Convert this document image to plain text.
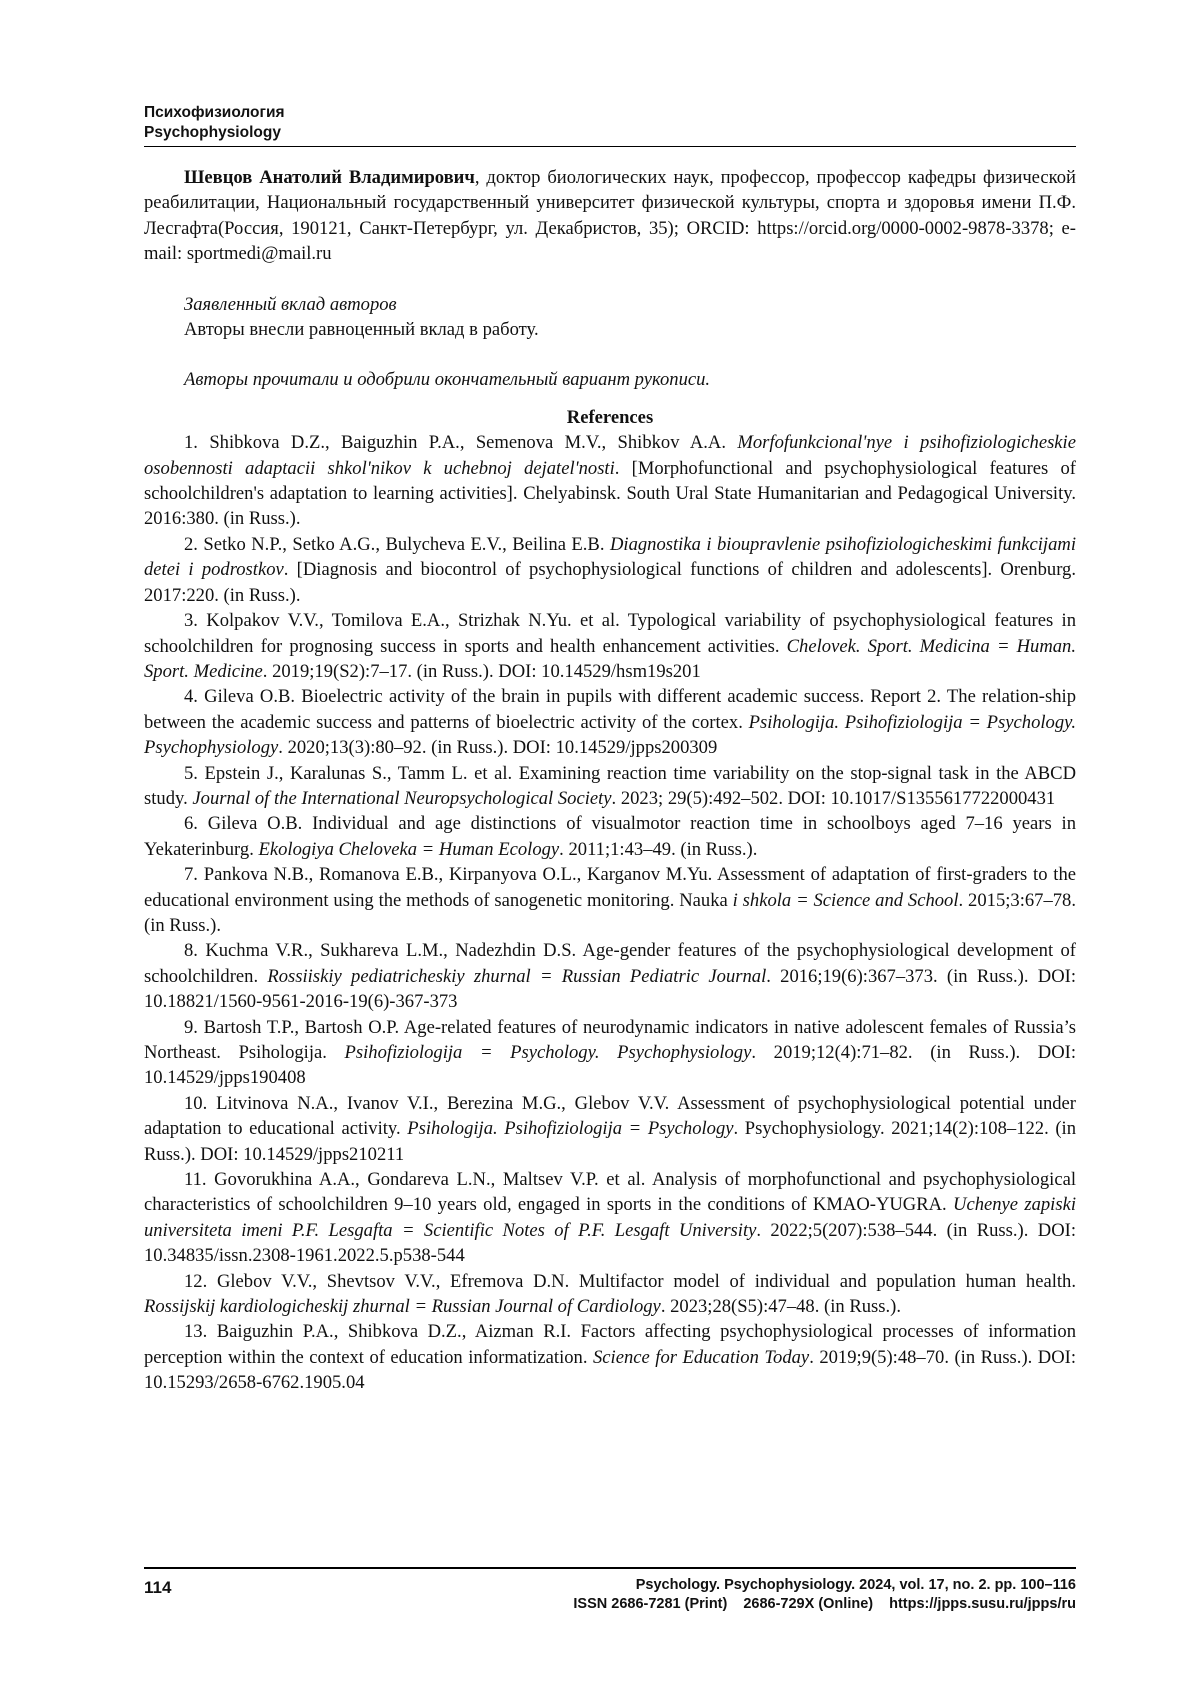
Психофизиология
Psychophysiology

Шевцов Анатолий Владимирович, доктор биологических наук, профессор, профессор кафедры физической реабилитации, Национальный государственный университет физической культуры, спорта и здоровья имени П.Ф. Лесгафта(Россия, 190121, Санкт-Петербург, ул. Декабристов, 35); ORCID: https://orcid.org/0000-0002-9878-3378; e-mail: sportmedi@mail.ru

Заявленный вклад авторов

Авторы внесли равноценный вклад в работу.

Авторы прочитали и одобрили окончательный вариант рукописи.

References

1. Shibkova D.Z., Baiguzhin P.A., Semenova M.V., Shibkov A.A. Morfofunkcional'nye i psihofiziologicheskie osobennosti adaptacii shkol'nikov k uchebnoj dejatel'nosti. [Morphofunctional and psychophysiological features of schoolchildren's adaptation to learning activities]. Chelyabinsk. South Ural State Humanitarian and Pedagogical University. 2016:380. (in Russ.).

2. Setko N.P., Setko A.G., Bulycheva E.V., Beilina E.B. Diagnostika i bioupravlenie psihofiziologicheskimi funkcijami detei i podrostkov. [Diagnosis and biocontrol of psychophysiological functions of children and adolescents]. Orenburg. 2017:220. (in Russ.).

3. Kolpakov V.V., Tomilova E.A., Strizhak N.Yu. et al. Typological variability of psychophysiological features in schoolchildren for prognosing success in sports and health enhancement activities. Chelovek. Sport. Medicina = Human. Sport. Medicine. 2019;19(S2):7–17. (in Russ.). DOI: 10.14529/hsm19s201

4. Gileva O.B. Bioelectric activity of the brain in pupils with different academic success. Report 2. The relation-ship between the academic success and patterns of bioelectric activity of the cortex. Psihologija. Psihofiziologija = Psychology. Psychophysiology. 2020;13(3):80–92. (in Russ.). DOI: 10.14529/jpps200309

5. Epstein J., Karalunas S., Tamm L. et al. Examining reaction time variability on the stop-signal task in the ABCD study. Journal of the International Neuropsychological Society. 2023; 29(5):492–502. DOI: 10.1017/S1355617722000431

6. Gileva O.B. Individual and age distinctions of visualmotor reaction time in schoolboys aged 7–16 years in Yekaterinburg. Ekologiya Cheloveka = Human Ecology. 2011;1:43–49. (in Russ.).

7. Pankova N.B., Romanova E.B., Kirpanyova O.L., Karganov M.Yu. Assessment of adaptation of first-graders to the educational environment using the methods of sanogenetic monitoring. Nauka i shkola = Science and School. 2015;3:67–78. (in Russ.).

8. Kuchma V.R., Sukhareva L.M., Nadezhdin D.S. Age-gender features of the psychophysiological development of schoolchildren. Rossiiskiy pediatricheskiy zhurnal = Russian Pediatric Journal. 2016;19(6):367–373. (in Russ.). DOI: 10.18821/1560-9561-2016-19(6)-367-373

9. Bartosh T.P., Bartosh O.P. Age-related features of neurodynamic indicators in native adolescent females of Russia’s Northeast. Psihologija. Psihofiziologija = Psychology. Psychophysiology. 2019;12(4):71–82. (in Russ.). DOI: 10.14529/jpps190408

10. Litvinova N.A., Ivanov V.I., Berezina M.G., Glebov V.V. Assessment of psychophysiological potential under adaptation to educational activity. Psihologija. Psihofiziologija = Psychology. Psychophysiology. 2021;14(2):108–122. (in Russ.). DOI: 10.14529/jpps210211

11. Govorukhina A.A., Gondareva L.N., Maltsev V.P. et al. Analysis of morphofunctional and psychophysiological characteristics of schoolchildren 9–10 years old, engaged in sports in the conditions of KMAO-YUGRA. Uchenye zapiski universiteta imeni P.F. Lesgafta = Scientific Notes of P.F. Lesgaft University. 2022;5(207):538–544. (in Russ.). DOI: 10.34835/issn.2308-1961.2022.5.p538-544

12. Glebov V.V., Shevtsov V.V., Efremova D.N. Multifactor model of individual and population human health. Rossijskij kardiologicheskij zhurnal = Russian Journal of Cardiology. 2023;28(S5):47–48. (in Russ.).

13. Baiguzhin P.A., Shibkova D.Z., Aizman R.I. Factors affecting psychophysiological processes of information perception within the context of education informatization. Science for Education Today. 2019;9(5):48–70. (in Russ.). DOI: 10.15293/2658-6762.1905.04

114	Psychology. Psychophysiology. 2024, vol. 17, no. 2. pp. 100–116
ISSN 2686-7281 (Print) 2686-729X (Online) https://jpps.susu.ru/jpps/ru
